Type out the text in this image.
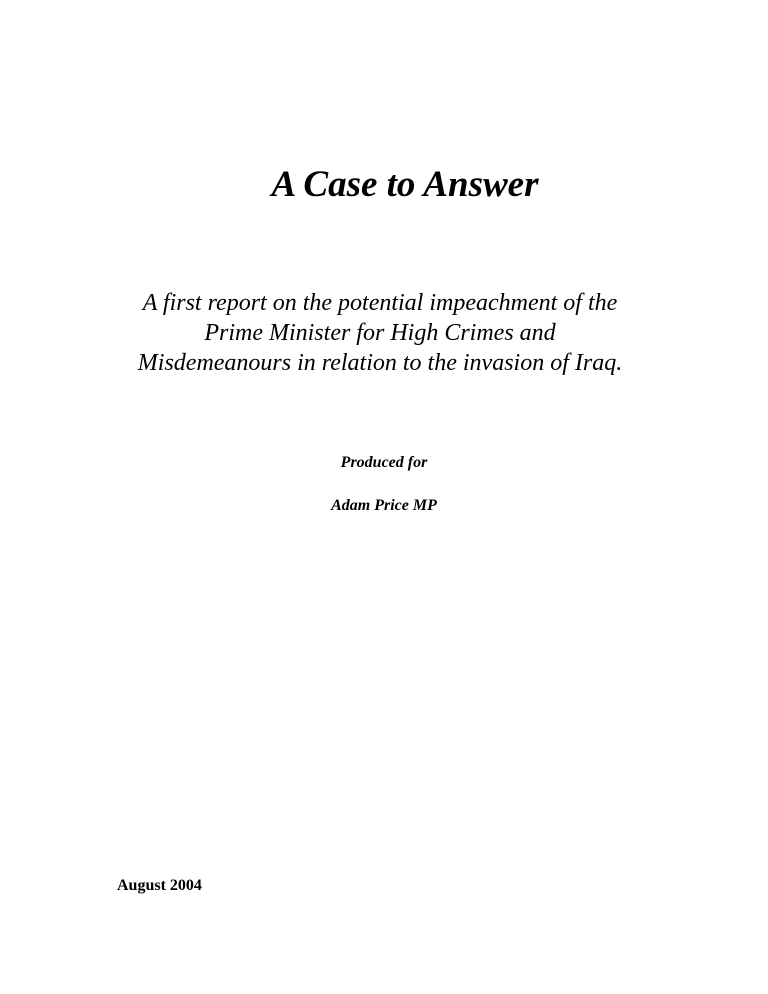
A Case to Answer

A first report on the potential impeachment of the
Prime Minister for High Crimes and
Misdemeanours in relation to the invasion of Iraq.

Produced for

Adam Price MP

August 2004
